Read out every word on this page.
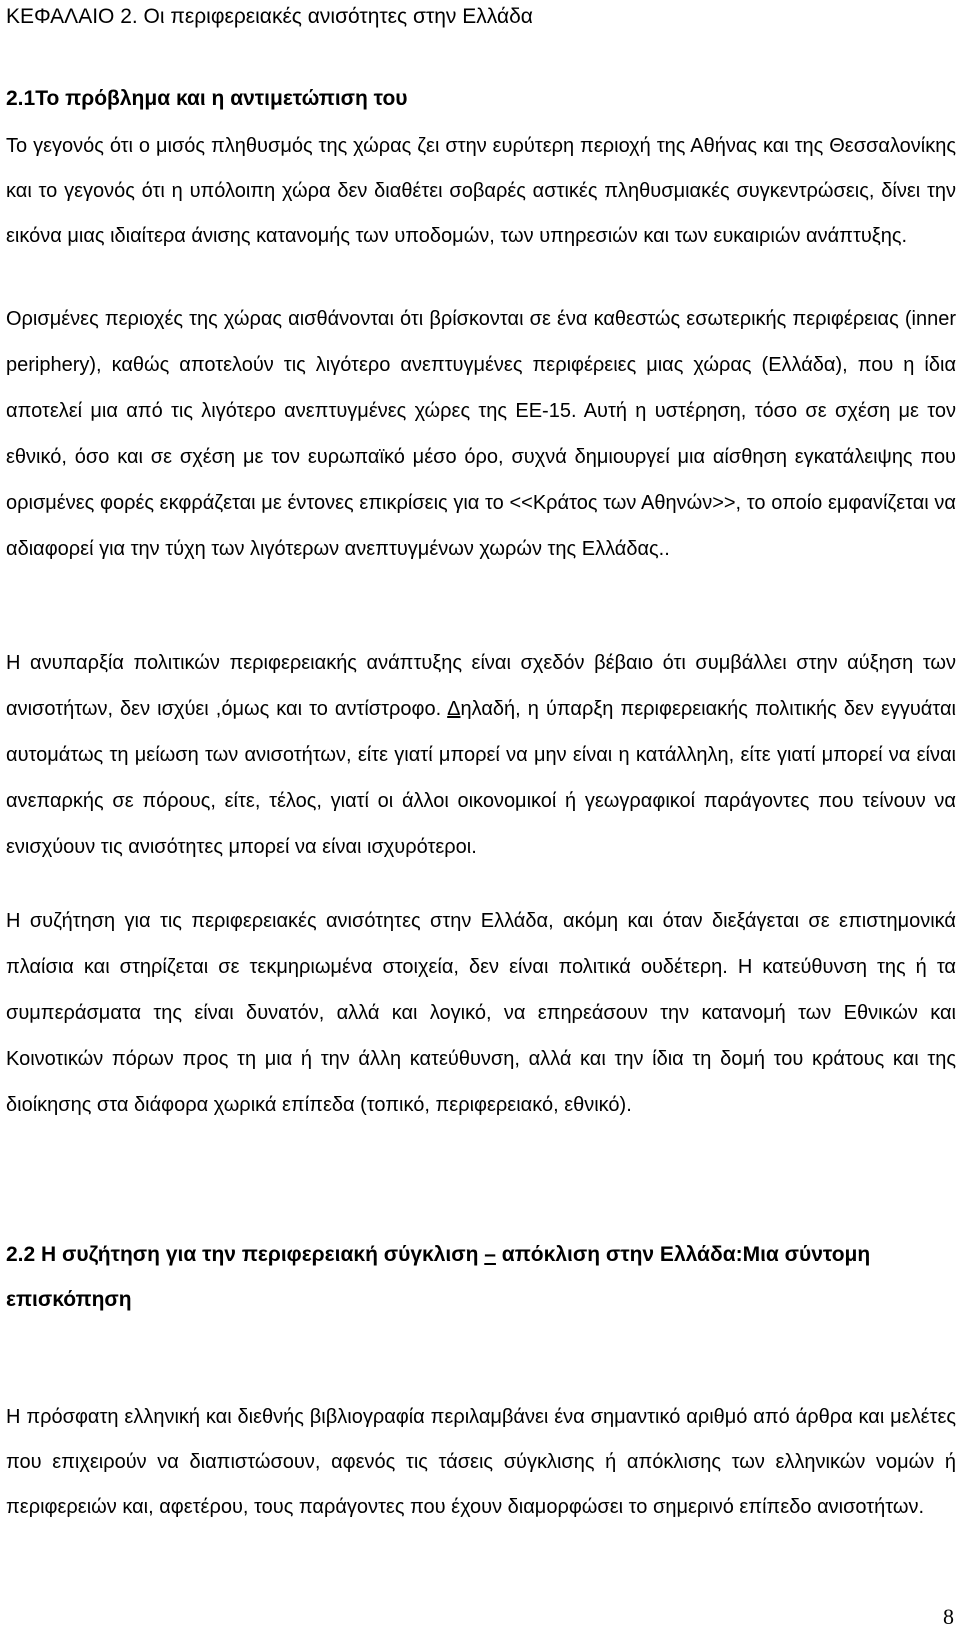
ΚΕΦΑΛΑΙΟ 2. Οι περιφερειακές ανισότητες στην Ελλάδα
2.1Το πρόβλημα και η αντιμετώπιση του

Το γεγονός ότι ο μισός πληθυσμός της χώρας ζει στην ευρύτερη περιοχή της Αθήνας και της Θεσσαλονίκης και το γεγονός ότι η υπόλοιπη χώρα δεν διαθέτει σοβαρές αστικές πληθυσμιακές συγκεντρώσεις, δίνει την εικόνα μιας ιδιαίτερα άνισης κατανομής των υποδομών, των υπηρεσιών και των ευκαιριών ανάπτυξης.

Ορισμένες περιοχές της χώρας αισθάνονται ότι βρίσκονται σε ένα καθεστώς εσωτερικής περιφέρειας (inner periphery), καθώς αποτελούν τις λιγότερο ανεπτυγμένες περιφέρειες μιας χώρας (Ελλάδα), που η ίδια αποτελεί μια από τις λιγότερο ανεπτυγμένες χώρες της ΕΕ-15. Αυτή η υστέρηση, τόσο σε σχέση με τον εθνικό, όσο και σε σχέση με τον ευρωπαϊκό μέσο όρο, συχνά δημιουργεί μια αίσθηση εγκατάλειψης που ορισμένες φορές εκφράζεται με έντονες επικρίσεις για το <<Κράτος των Αθηνών>>, το οποίο εμφανίζεται να αδιαφορεί για την τύχη των λιγότερων ανεπτυγμένων χωρών της Ελλάδας..

Η ανυπαρξία πολιτικών περιφερειακής ανάπτυξης είναι σχεδόν βέβαιο ότι συμβάλλει στην αύξηση των ανισοτήτων, δεν ισχύει ,όμως και το αντίστροφο. Δηλαδή, η ύπαρξη περιφερειακής πολιτικής δεν εγγυάται αυτομάτως τη μείωση των ανισοτήτων, είτε γιατί μπορεί να μην είναι η κατάλληλη, είτε γιατί μπορεί να είναι ανεπαρκής σε πόρους, είτε, τέλος, γιατί οι άλλοι οικονομικοί ή γεωγραφικοί παράγοντες που τείνουν να ενισχύουν τις ανισότητες μπορεί να είναι ισχυρότεροι.

Η συζήτηση για τις περιφερειακές ανισότητες στην Ελλάδα, ακόμη και όταν διεξάγεται σε επιστημονικά πλαίσια και στηρίζεται σε τεκμηριωμένα στοιχεία, δεν είναι πολιτικά ουδέτερη. Η κατεύθυνση της ή τα συμπεράσματα της είναι δυνατόν, αλλά και λογικό, να επηρεάσουν την κατανομή των Εθνικών και Κοινοτικών πόρων προς τη μια ή την άλλη κατεύθυνση, αλλά και την ίδια τη δομή του κράτους και της διοίκησης στα διάφορα χωρικά επίπεδα (τοπικό, περιφερειακό, εθνικό).

2.2 Η συζήτηση για την περιφερειακή σύγκλιση – απόκλιση στην Ελλάδα:Μια σύντομη επισκόπηση

Η πρόσφατη ελληνική και διεθνής βιβλιογραφία περιλαμβάνει ένα σημαντικό αριθμό από άρθρα και μελέτες που επιχειρούν να διαπιστώσουν, αφενός τις τάσεις σύγκλισης ή απόκλισης των ελληνικών νομών ή περιφερειών και, αφετέρου, τους παράγοντες που έχουν διαμορφώσει το σημερινό επίπεδο ανισοτήτων.

8
